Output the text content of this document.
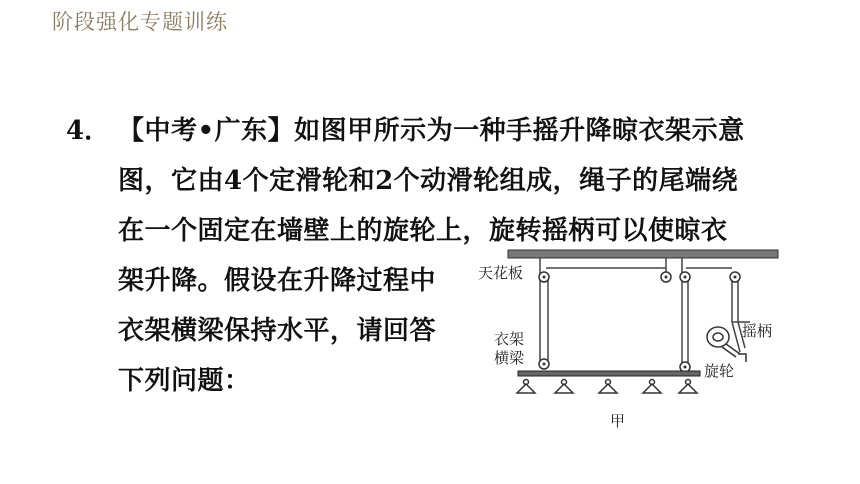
阶段强化专题训练
4． 【中考•广东】如图甲所示为一种手摇升降晾衣架示意
图，它由4个定滑轮和2个动滑轮组成，绳子的尾端绕
在一个固定在墙壁上的旋轮上，旋转摇柄可以使晾衣
架升降。假设在升降过程中
衣架横梁保持水平，请回答
下列问题：
天花板
摇柄
旋轮
衣架
横梁
甲
